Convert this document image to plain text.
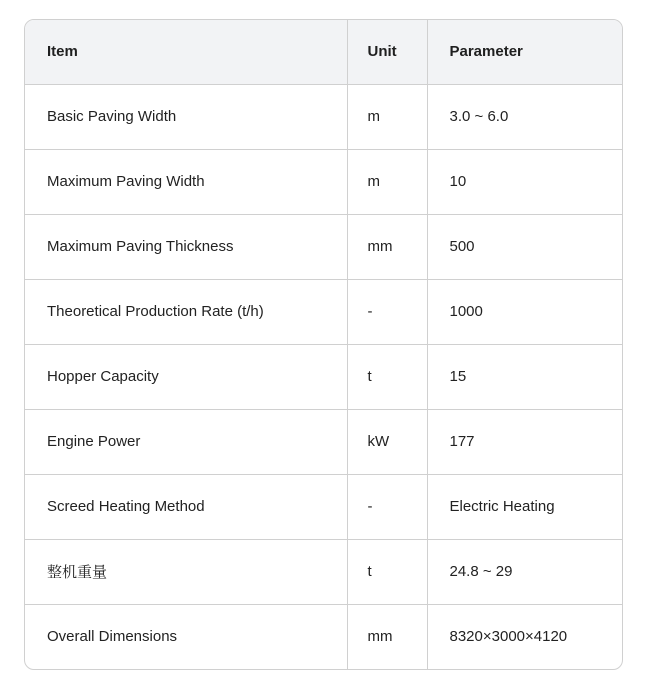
Item	Unit	Parameter
Basic Paving Width	m	3.0 ~ 6.0
Maximum Paving Width	m	10
Maximum Paving Thickness	mm	500
Theoretical Production Rate (t/h)	-	1000
Hopper Capacity	t	15
Engine Power	kW	177
Screed Heating Method	-	Electric Heating
整机重量	t	24.8 ~ 29
Overall Dimensions	mm	8320×3000×4120
